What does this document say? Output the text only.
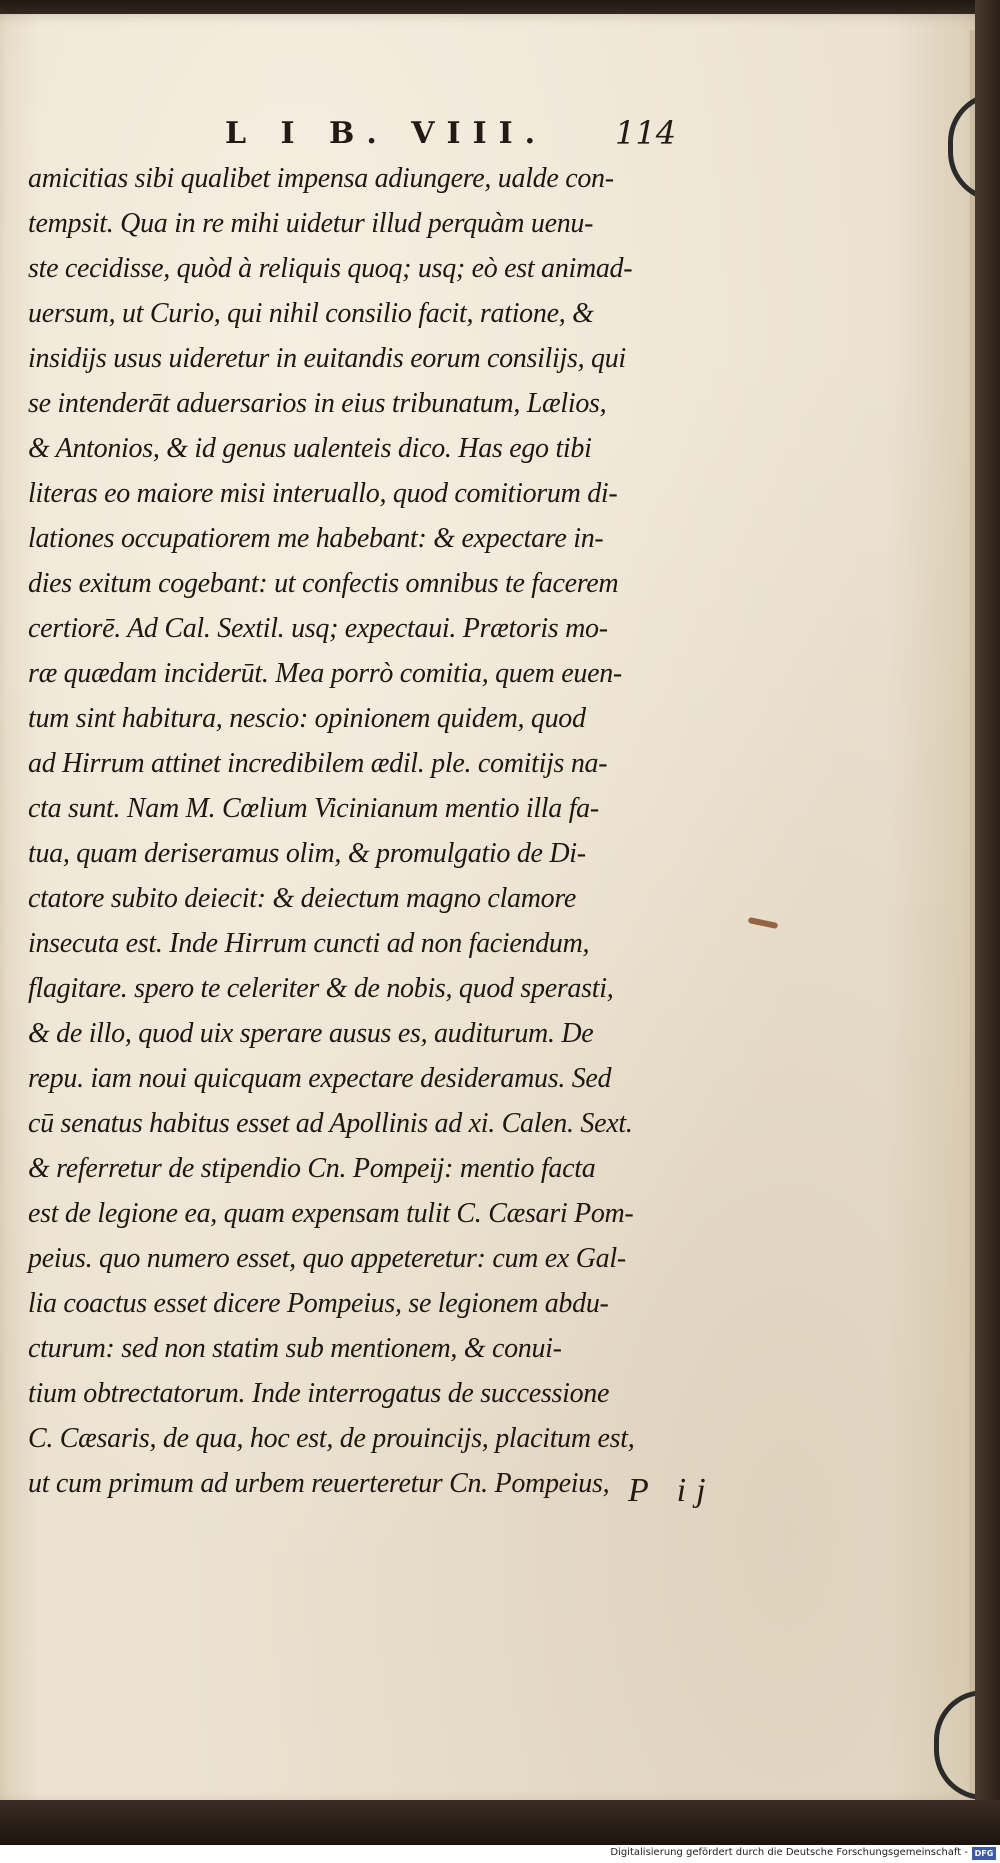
L I B. VIII. 114
amicitias sibi qualibet impensa adiungere, ualde con-
tempsit. Qua in re mihi uidetur illud perquàm uenu-
ste cecidisse, quòd à reliquis quoq; usq; eò est animad-
uersum, ut Curio, qui nihil consilio facit, ratione, &
insidijs usus uideretur in euitandis eorum consilijs, qui
se intenderāt aduersarios in eius tribunatum, Lælios,
& Antonios, & id genus ualenteis dico. Has ego tibi
literas eo maiore misi interuallo, quod comitiorum di-
lationes occupatiorem me habebant: & expectare in-
dies exitum cogebant: ut confectis omnibus te facerem
certiorē. Ad Cal. Sextil. usq; expectaui. Prætoris mo-
ræ quædam inciderūt. Mea porrò comitia, quem euen-
tum sint habitura, nescio: opinionem quidem, quod
ad Hirrum attinet incredibilem ædil. ple. comitijs na-
cta sunt. Nam M. Cœlium Vicinianum mentio illa fa-
tua, quam deriseramus olim, & promulgatio de Di-
ctatore subito deiecit: & deiectum magno clamore
insecuta est. Inde Hirrum cuncti ad non faciendum,
flagitare. spero te celeriter & de nobis, quod sperasti,
& de illo, quod uix sperare ausus es, auditurum. De
repu. iam noui quicquam expectare desideramus. Sed
cū senatus habitus esset ad Apollinis ad xi. Calen. Sext.
& referretur de stipendio Cn. Pompeij: mentio facta
est de legione ea, quam expensam tulit C. Cæsari Pom-
peius. quo numero esset, quo appeteretur: cum ex Gal-
lia coactus esset dicere Pompeius, se legionem abdu-
cturum: sed non statim sub mentionem, & conui-
tium obtrectatorum. Inde interrogatus de successione
C. Cæsaris, de qua, hoc est, de prouincijs, placitum est,
ut cum primum ad urbem reuerteretur Cn. Pompeius, P ij
Digitalisierung gefördert durch die Deutsche Forschungsgemeinschaft - DFG
